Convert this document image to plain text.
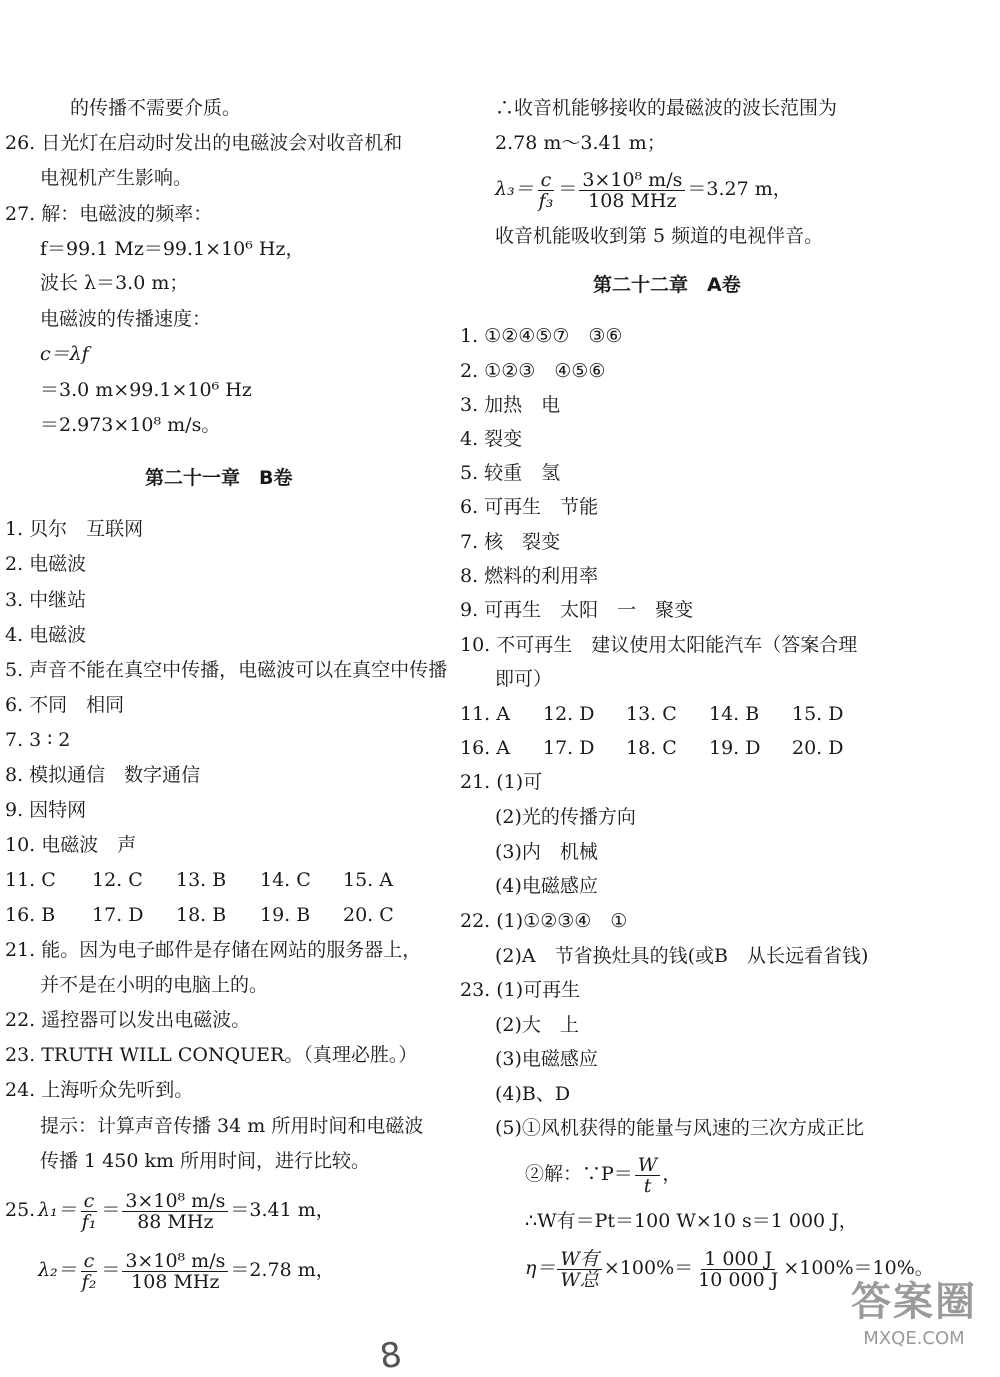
的传播不需要介质。
26. 日光灯在启动时发出的电磁波会对收音机和
电视机产生影响。
27. 解：电磁波的频率：
f＝99.1 Mz＝99.1×10⁶ Hz，
波长 λ＝3.0 m；
电磁波的传播速度：
c＝λf
＝3.0 m×99.1×10⁶ Hz
＝2.973×10⁸ m/s。
第二十一章　B卷
1. 贝尔　互联网
2. 电磁波
3. 中继站
4. 电磁波
5. 声音不能在真空中传播，电磁波可以在真空中传播
6. 不同　相同
7. 3 ∶ 2
8. 模拟通信　数字通信
9. 因特网
10. 电磁波　声
11. C 12. C 13. B 14. C 15. A
16. B 17. D 18. B 19. B 20. C
21. 能。因为电子邮件是存储在网站的服务器上，
并不是在小明的电脑上的。
22. 遥控器可以发出电磁波。
23. TRUTH WILL CONQUER。（真理必胜。）
24. 上海听众先听到。
提示：计算声音传播 34 m 所用时间和电磁波
传播 1 450 km 所用时间，进行比较。
25. $\lambda_1= \frac{c}{\text{f₁}} = \frac{\text{3×10⁸ m/s}}{\text{88 MHz}} =3.41$ m，
$\lambda_2= \frac{c}{\text{f₂}} = \frac{\text{3×10⁸ m/s}}{\text{108 MHz}} =2.78$ m，
∴收音机能够接收的最磁波的波长范围为
2.78 m～3.41 m；
$\lambda_3= \frac{c}{\text{f₃}} = \frac{\text{3×10⁸ m/s}}{\text{108 MHz}} =3.27$ m，
收音机能吸收到第 5 频道的电视伴音。
第二十二章　A卷
1. ①②④⑤⑦　③⑥
2. ①②③　④⑤⑥
3. 加热　电
4. 裂变
5. 较重　氢
6. 可再生　节能
7. 核　裂变
8. 燃料的利用率
9. 可再生　太阳　一　聚变
10. 不可再生　建议使用太阳能汽车（答案合理
即可）
11. A 12. D 13. C 14. B 15. D
16. A 17. D 18. C 19. D 20. D
21. (1)可
(2)光的传播方向
(3)内　机械
(4)电磁感应
22. (1)①②③④　①
(2)A　节省换灶具的钱(或B　从长远看省钱)
23. (1)可再生
(2)大　上
(3)电磁感应
(4)B、D
(5)①风机获得的能量与风速的三次方成正比
②解：∵P＝ $\frac{W}{t}$ ，
∴W有＝Pt＝100 W×10 s＝1 000 J，
$\eta= \frac{\text{W有}}{\text{W总}} \times 100\%= \frac{1 000 J}{10 000 J} \times 100\%=10\%$。
8
答案圈
MXQE.COM
